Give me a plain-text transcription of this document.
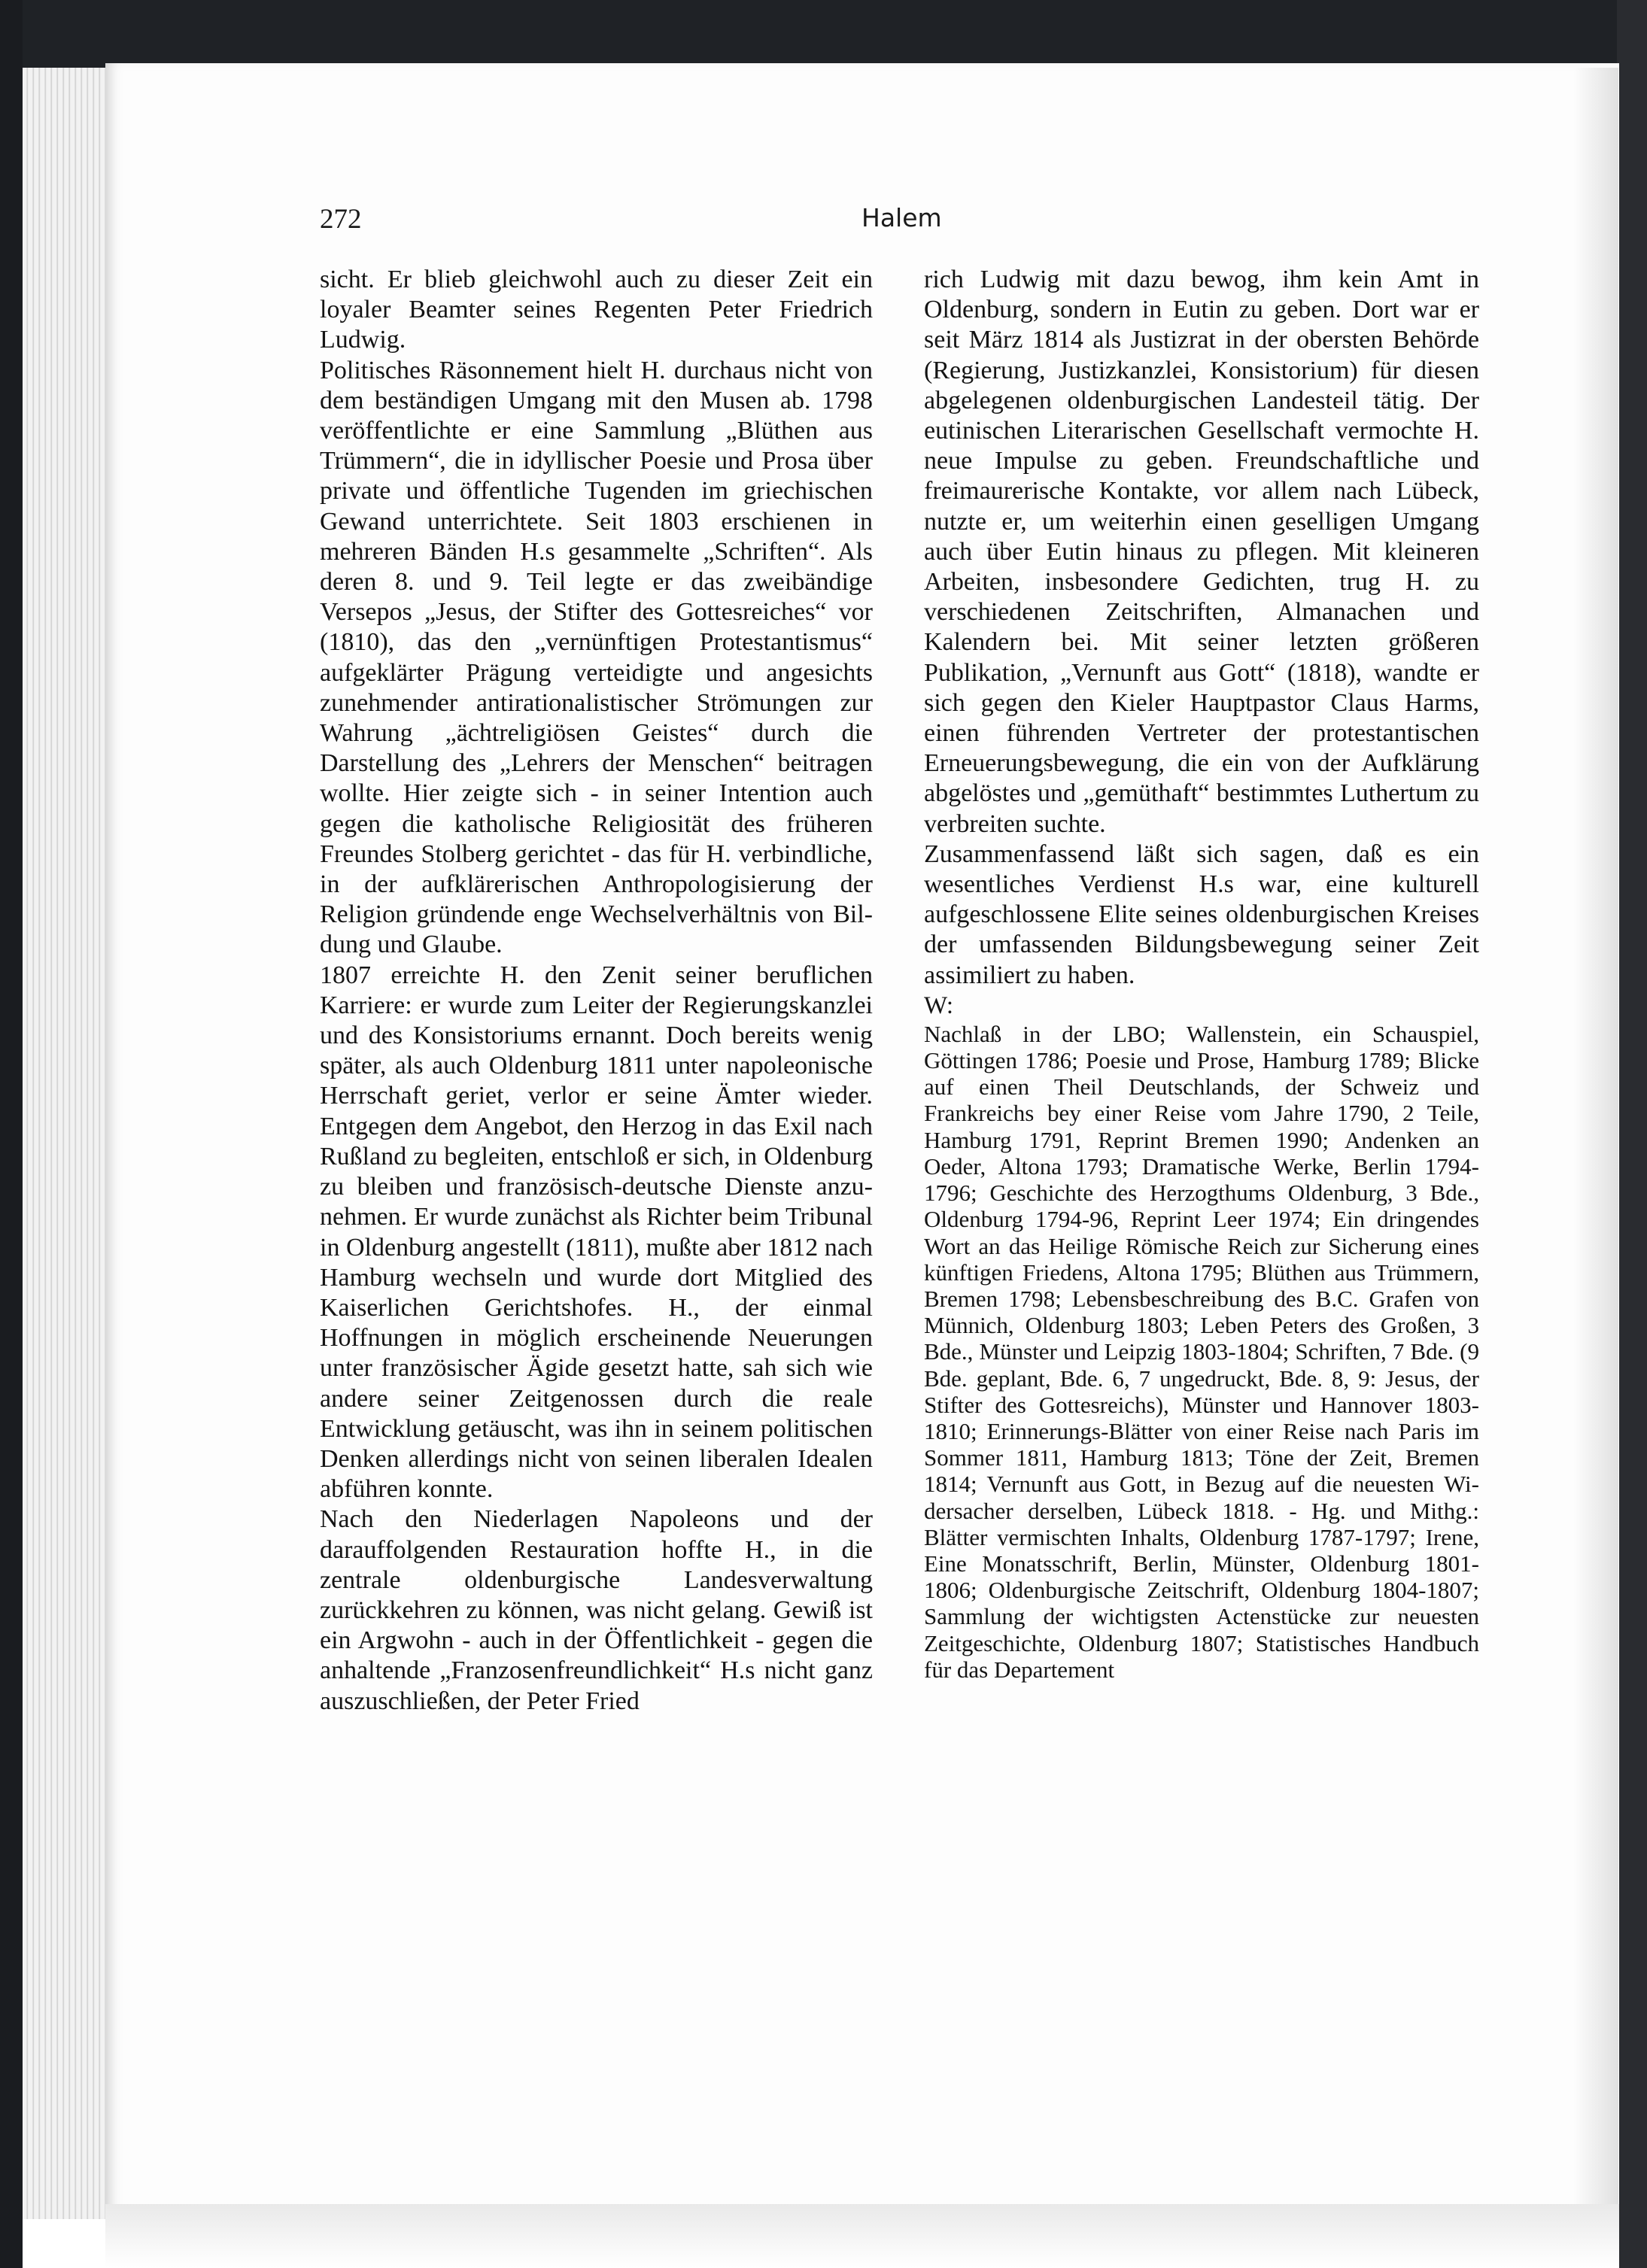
272	Halem

sicht. Er blieb gleichwohl auch zu dieser Zeit ein loyaler Beamter seines Regenten Peter Friedrich Ludwig.

Politisches Räsonnement hielt H. durchaus nicht von dem beständigen Umgang mit den Musen ab. 1798 veröffentlichte er eine Sammlung „Blüthen aus Trümmern“, die in idyllischer Poesie und Prosa über private und öffentliche Tugenden im griechischen Gewand unterrichtete. Seit 1803 erschienen in mehreren Bänden H.s gesammelte „Schriften“. Als deren 8. und 9. Teil legte er das zweibändige Versepos „Jesus, der Stifter des Gottesreiches“ vor (1810), das den „vernünftigen Protestantismus“ aufgeklärter Prägung verteidigte und angesichts zunehmender antirationalistischer Strömungen zur Wahrung „ächtreligiösen Geistes“ durch die Darstellung des „Lehrers der Menschen“ beitragen wollte. Hier zeigte sich - in seiner Intention auch gegen die katholische Religiosität des früheren Freundes Stolberg gerichtet - das für H. verbindliche, in der aufklärerischen Anthropologisierung der Religion gründende enge Wechselverhältnis von Bildung und Glaube.

1807 erreichte H. den Zenit seiner beruflichen Karriere: er wurde zum Leiter der Regierungskanzlei und des Konsistoriums ernannt. Doch bereits wenig später, als auch Oldenburg 1811 unter napoleonische Herrschaft geriet, verlor er seine Ämter wieder. Entgegen dem Angebot, den Herzog in das Exil nach Rußland zu begleiten, entschloß er sich, in Oldenburg zu bleiben und französisch-deutsche Dienste anzunehmen. Er wurde zunächst als Richter beim Tribunal in Oldenburg angestellt (1811), mußte aber 1812 nach Hamburg wechseln und wurde dort Mitglied des Kaiserlichen Gerichtshofes. H., der einmal Hoffnungen in möglich erscheinende Neuerungen unter französischer Ägide gesetzt hatte, sah sich wie andere seiner Zeitgenossen durch die reale Entwicklung getäuscht, was ihn in seinem politischen Denken allerdings nicht von seinen liberalen Idealen abführen konnte.

Nach den Niederlagen Napoleons und der darauffolgenden Restauration hoffte H., in die zentrale oldenburgische Landesverwaltung zurückkehren zu können, was nicht gelang. Gewiß ist ein Argwohn - auch in der Öffentlichkeit - gegen die anhaltende „Franzosenfreundlichkeit“ H.s nicht ganz auszuschließen, der Peter Fried

rich Ludwig mit dazu bewog, ihm kein Amt in Oldenburg, sondern in Eutin zu geben. Dort war er seit März 1814 als Justizrat in der obersten Behörde (Regierung, Justizkanzlei, Konsistorium) für diesen abgelegenen oldenburgischen Landesteil tätig. Der eutinischen Literarischen Gesellschaft vermochte H. neue Impulse zu geben. Freundschaftliche und freimaurerische Kontakte, vor allem nach Lübeck, nutzte er, um weiterhin einen geselligen Umgang auch über Eutin hinaus zu pflegen. Mit kleineren Arbeiten, insbesondere Gedichten, trug H. zu verschiedenen Zeitschriften, Almanachen und Kalendern bei. Mit seiner letzten größeren Publikation, „Vernunft aus Gott“ (1818), wandte er sich gegen den Kieler Hauptpastor Claus Harms, einen führenden Vertreter der protestantischen Erneuerungsbewegung, die ein von der Aufklärung abgelöstes und „gemüthaft“ bestimmtes Luthertum zu verbreiten suchte.

Zusammenfassend läßt sich sagen, daß es ein wesentliches Verdienst H.s war, eine kulturell aufgeschlossene Elite seines oldenburgischen Kreises der umfassenden Bildungsbewegung seiner Zeit assimiliert zu haben.

W:

Nachlaß in der LBO; Wallenstein, ein Schauspiel, Göttingen 1786; Poesie und Prose, Hamburg 1789; Blicke auf einen Theil Deutschlands, der Schweiz und Frankreichs bey einer Reise vom Jahre 1790, 2 Teile, Hamburg 1791, Reprint Bremen 1990; Andenken an Oeder, Altona 1793; Dramatische Werke, Berlin 1794-1796; Geschichte des Herzogthums Oldenburg, 3 Bde., Oldenburg 1794-96, Reprint Leer 1974; Ein dringendes Wort an das Heilige Römische Reich zur Sicherung eines künftigen Friedens, Altona 1795; Blüthen aus Trümmern, Bremen 1798; Lebensbeschreibung des B.C. Grafen von Münnich, Oldenburg 1803; Leben Peters des Großen, 3 Bde., Münster und Leipzig 1803-1804; Schriften, 7 Bde. (9 Bde. geplant, Bde. 6, 7 ungedruckt, Bde. 8, 9: Jesus, der Stifter des Gottesreichs), Münster und Hannover 1803-1810; Erinnerungs-Blätter von einer Reise nach Paris im Sommer 1811, Hamburg 1813; Töne der Zeit, Bremen 1814; Vernunft aus Gott, in Bezug auf die neuesten Widersacher derselben, Lübeck 1818. - Hg. und Mithg.: Blätter vermischten Inhalts, Oldenburg 1787-1797; Irene, Eine Monatsschrift, Berlin, Münster, Oldenburg 1801-1806; Oldenburgische Zeitschrift, Oldenburg 1804-1807; Sammlung der wichtigsten Actenstücke zur neuesten Zeitgeschichte, Oldenburg 1807; Statistisches Handbuch für das Departement
